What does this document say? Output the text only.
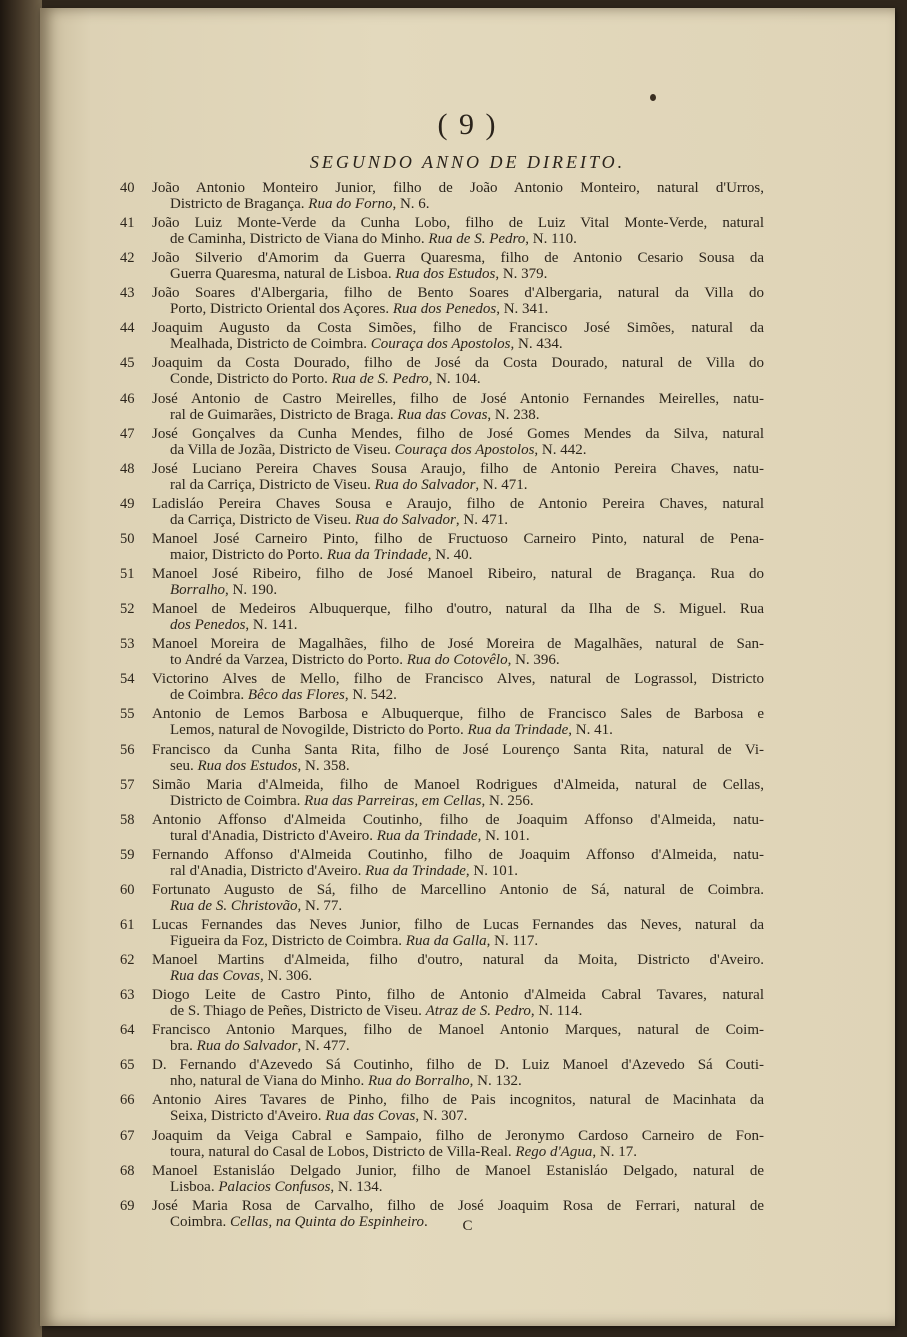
( 9 )
SEGUNDO ANNO DE DIREITO.
40	João Antonio Monteiro Junior, filho de João Antonio Monteiro, natural d'Urros,
Districto de Bragança. Rua do Forno, N. 6.
41	João Luiz Monte-Verde da Cunha Lobo, filho de Luiz Vital Monte-Verde, natural
de Caminha, Districto de Viana do Minho. Rua de S. Pedro, N. 110.
42	João Silverio d'Amorim da Guerra Quaresma, filho de Antonio Cesario Sousa da
Guerra Quaresma, natural de Lisboa. Rua dos Estudos, N. 379.
43	João Soares d'Albergaria, filho de Bento Soares d'Albergaria, natural da Villa do
Porto, Districto Oriental dos Açores. Rua dos Penedos, N. 341.
44	Joaquim Augusto da Costa Simões, filho de Francisco José Simões, natural da
Mealhada, Districto de Coimbra. Couraça dos Apostolos, N. 434.
45	Joaquim da Costa Dourado, filho de José da Costa Dourado, natural de Villa do
Conde, Districto do Porto. Rua de S. Pedro, N. 104.
46	José Antonio de Castro Meirelles, filho de José Antonio Fernandes Meirelles, natu-
ral de Guimarães, Districto de Braga. Rua das Covas, N. 238.
47	José Gonçalves da Cunha Mendes, filho de José Gomes Mendes da Silva, natural
da Villa de Jozãa, Districto de Viseu. Couraça dos Apostolos, N. 442.
48	José Luciano Pereira Chaves Sousa Araujo, filho de Antonio Pereira Chaves, natu-
ral da Carriça, Districto de Viseu. Rua do Salvador, N. 471.
49	Ladisláo Pereira Chaves Sousa e Araujo, filho de Antonio Pereira Chaves, natural
da Carriça, Districto de Viseu. Rua do Salvador, N. 471.
50	Manoel José Carneiro Pinto, filho de Fructuoso Carneiro Pinto, natural de Pena-
maior, Districto do Porto. Rua da Trindade, N. 40.
51	Manoel José Ribeiro, filho de José Manoel Ribeiro, natural de Bragança. Rua do
Borralho, N. 190.
52	Manoel de Medeiros Albuquerque, filho d'outro, natural da Ilha de S. Miguel. Rua
dos Penedos, N. 141.
53	Manoel Moreira de Magalhães, filho de José Moreira de Magalhães, natural de San-
to André da Varzea, Districto do Porto. Rua do Cotovêlo, N. 396.
54	Victorino Alves de Mello, filho de Francisco Alves, natural de Lograssol, Districto
de Coimbra. Bêco das Flores, N. 542.
55	Antonio de Lemos Barbosa e Albuquerque, filho de Francisco Sales de Barbosa e
Lemos, natural de Novogilde, Districto do Porto. Rua da Trindade, N. 41.
56	Francisco da Cunha Santa Rita, filho de José Lourenço Santa Rita, natural de Vi-
seu. Rua dos Estudos, N. 358.
57	Simão Maria d'Almeida, filho de Manoel Rodrigues d'Almeida, natural de Cellas,
Districto de Coimbra. Rua das Parreiras, em Cellas, N. 256.
58	Antonio Affonso d'Almeida Coutinho, filho de Joaquim Affonso d'Almeida, natu-
tural d'Anadia, Districto d'Aveiro. Rua da Trindade, N. 101.
59	Fernando Affonso d'Almeida Coutinho, filho de Joaquim Affonso d'Almeida, natu-
ral d'Anadia, Districto d'Aveiro. Rua da Trindade, N. 101.
60	Fortunato Augusto de Sá, filho de Marcellino Antonio de Sá, natural de Coimbra.
Rua de S. Christovão, N. 77.
61	Lucas Fernandes das Neves Junior, filho de Lucas Fernandes das Neves, natural da
Figueira da Foz, Districto de Coimbra. Rua da Galla, N. 117.
62	Manoel Martins d'Almeida, filho d'outro, natural da Moita, Districto d'Aveiro.
Rua das Covas, N. 306.
63	Diogo Leite de Castro Pinto, filho de Antonio d'Almeida Cabral Tavares, natural
de S. Thiago de Peñes, Districto de Viseu. Atraz de S. Pedro, N. 114.
64	Francisco Antonio Marques, filho de Manoel Antonio Marques, natural de Coim-
bra. Rua do Salvador, N. 477.
65	D. Fernando d'Azevedo Sá Coutinho, filho de D. Luiz Manoel d'Azevedo Sá Couti-
nho, natural de Viana do Minho. Rua do Borralho, N. 132.
66	Antonio Aires Tavares de Pinho, filho de Pais incognitos, natural de Macinhata da
Seixa, Districto d'Aveiro. Rua das Covas, N. 307.
67	Joaquim da Veiga Cabral e Sampaio, filho de Jeronymo Cardoso Carneiro de Fon-
toura, natural do Casal de Lobos, Districto de Villa-Real. Rego d'Agua, N. 17.
68	Manoel Estanisláo Delgado Junior, filho de Manoel Estanisláo Delgado, natural de
Lisboa. Palacios Confusos, N. 134.
69	José Maria Rosa de Carvalho, filho de José Joaquim Rosa de Ferrari, natural de
Coimbra. Cellas, na Quinta do Espinheiro.	C
